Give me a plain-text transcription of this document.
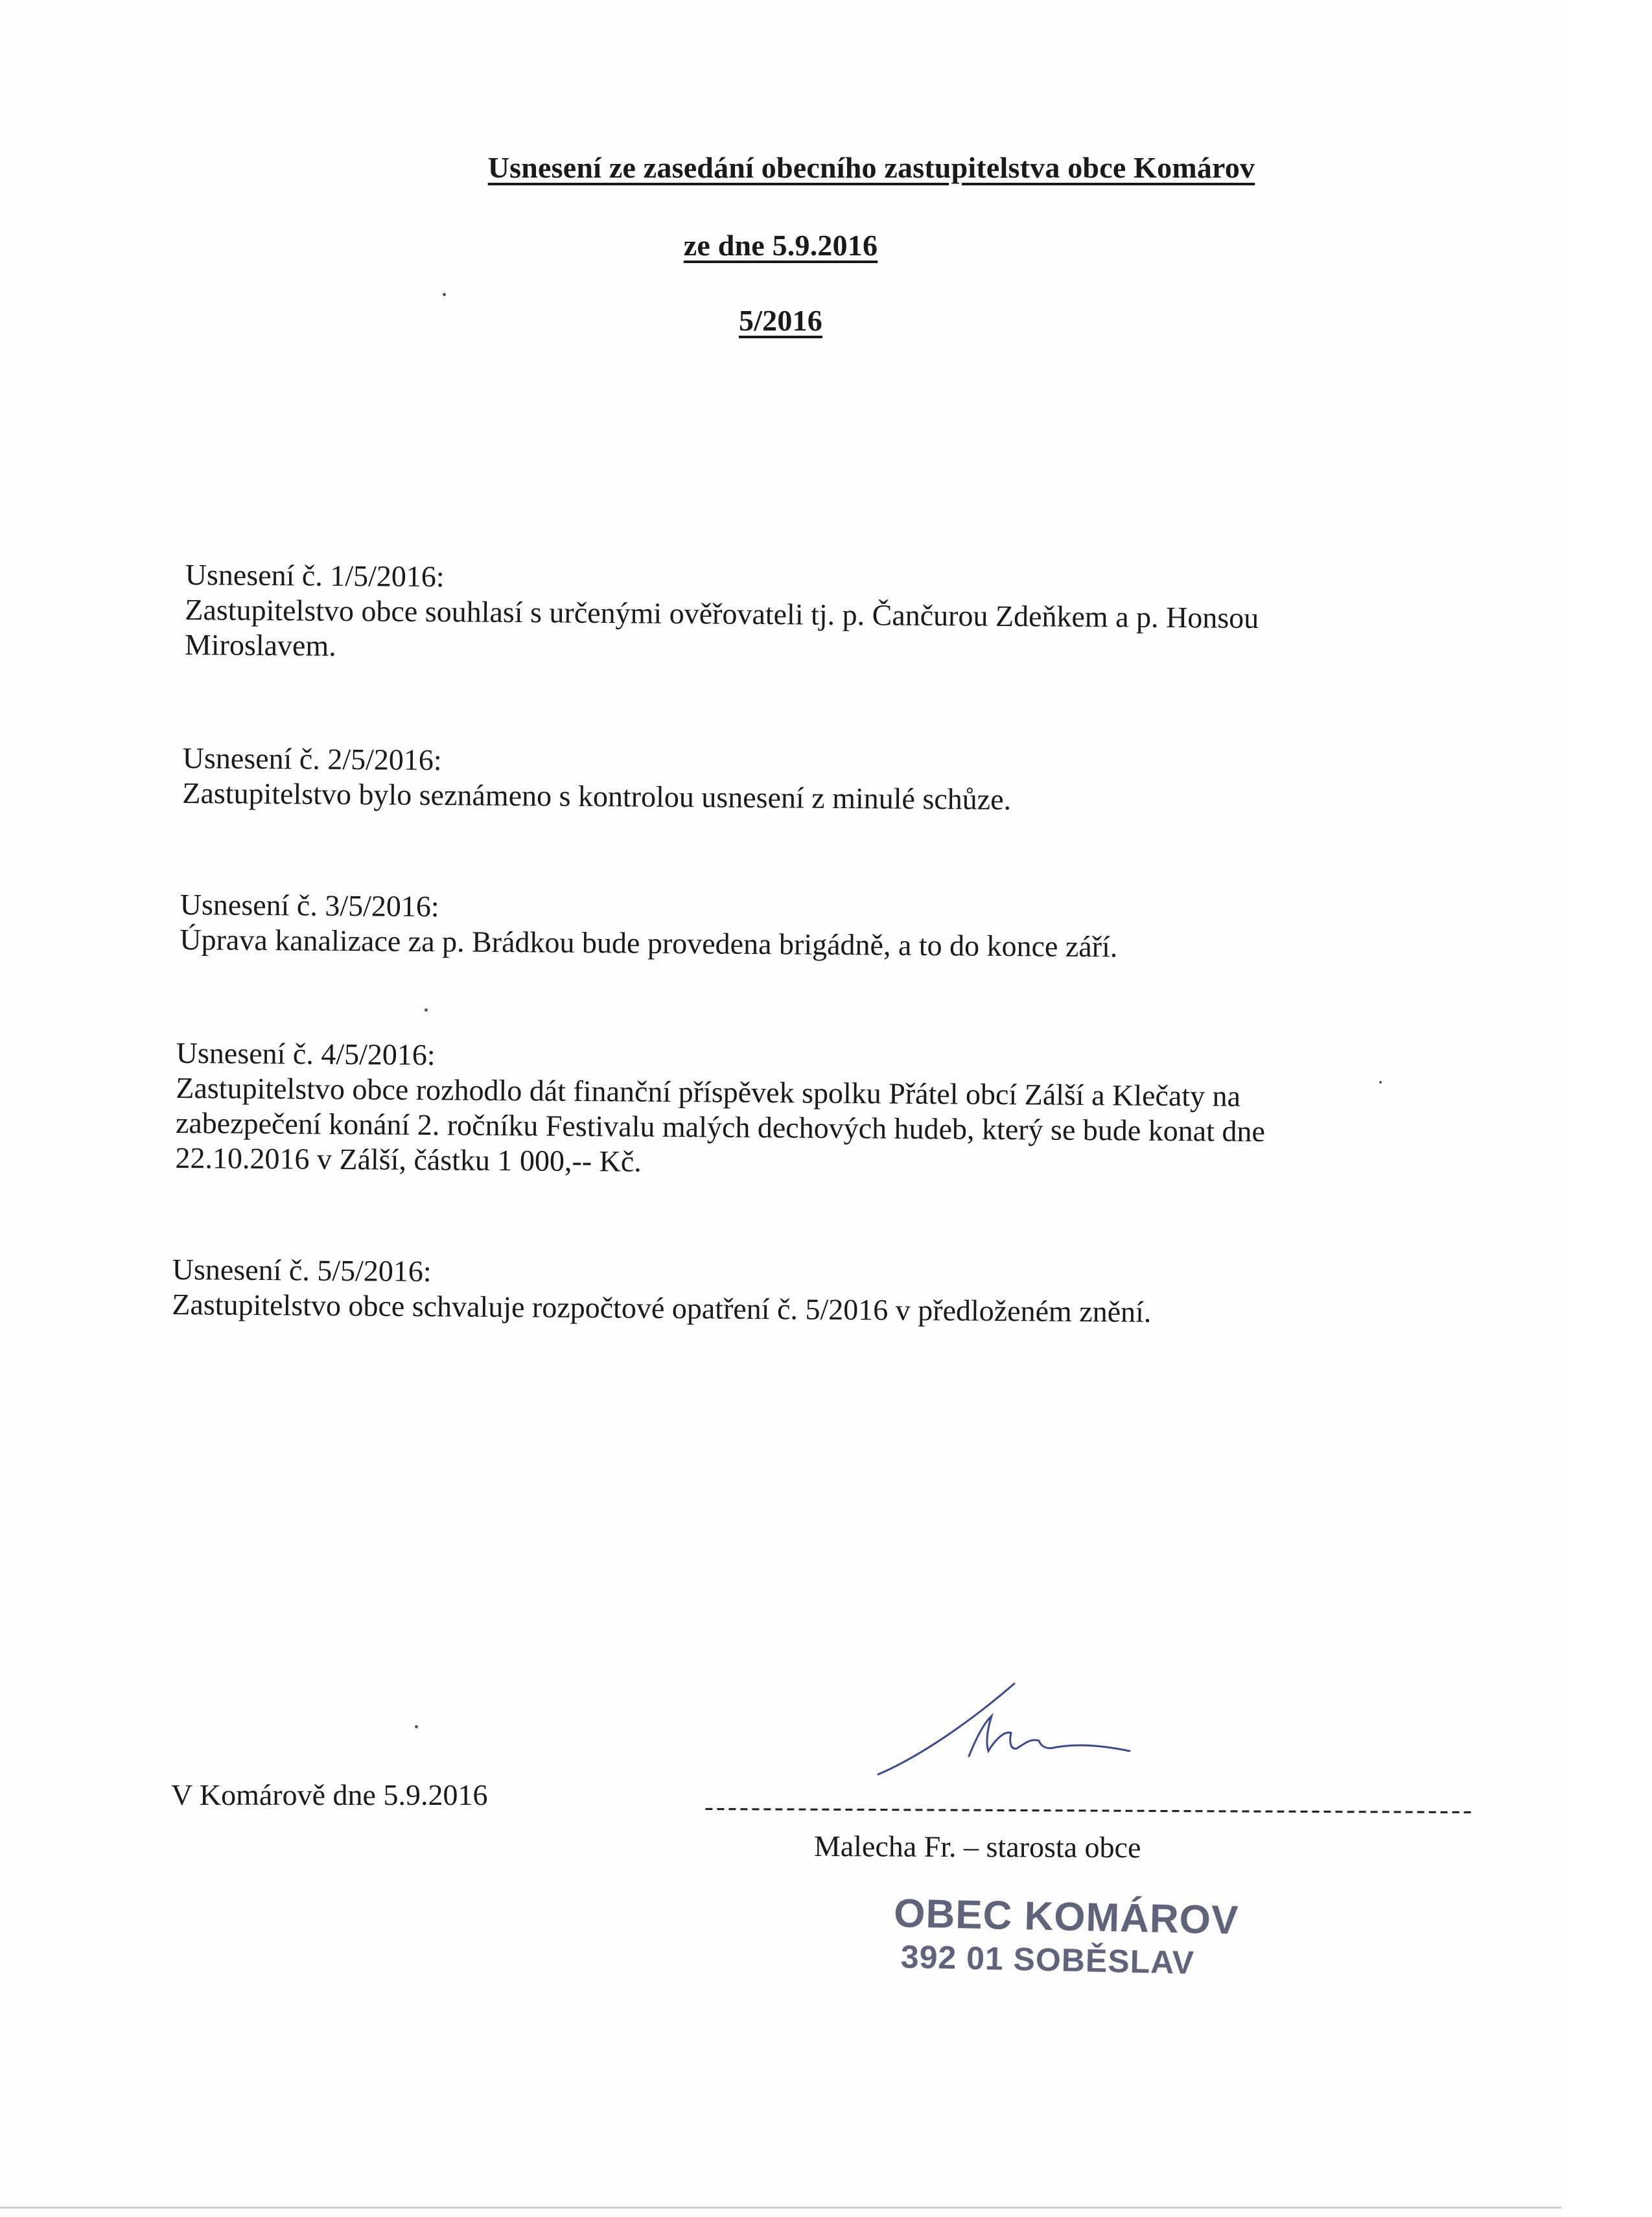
Usnesení ze zasedání obecního zastupitelstva obce Komárov
ze dne 5.9.2016
5/2016
Usnesení č. 1/5/2016:
Zastupitelstvo obce souhlasí s určenými ověřovateli tj. p. Čančurou Zdeňkem a p. Honsou
Miroslavem.
Usnesení č. 2/5/2016:
Zastupitelstvo bylo seznámeno s kontrolou usnesení z minulé schůze.
Usnesení č. 3/5/2016:
Úprava kanalizace za p. Brádkou bude provedena brigádně, a to do konce září.
Usnesení č. 4/5/2016:
Zastupitelstvo obce rozhodlo dát finanční příspěvek spolku Přátel obcí Zálší a Klečaty na
zabezpečení konání 2. ročníku Festivalu malých dechových hudeb, který se bude konat dne
22.10.2016 v Zálší, částku 1 000,-- Kč.
Usnesení č. 5/5/2016:
Zastupitelstvo obce schvaluje rozpočtové opatření č. 5/2016 v předloženém znění.
V Komárově dne 5.9.2016
------------------------------------------------------------------
Malecha Fr. – starosta obce
OBEC KOMÁROV
392 01 SOBĚSLAV
